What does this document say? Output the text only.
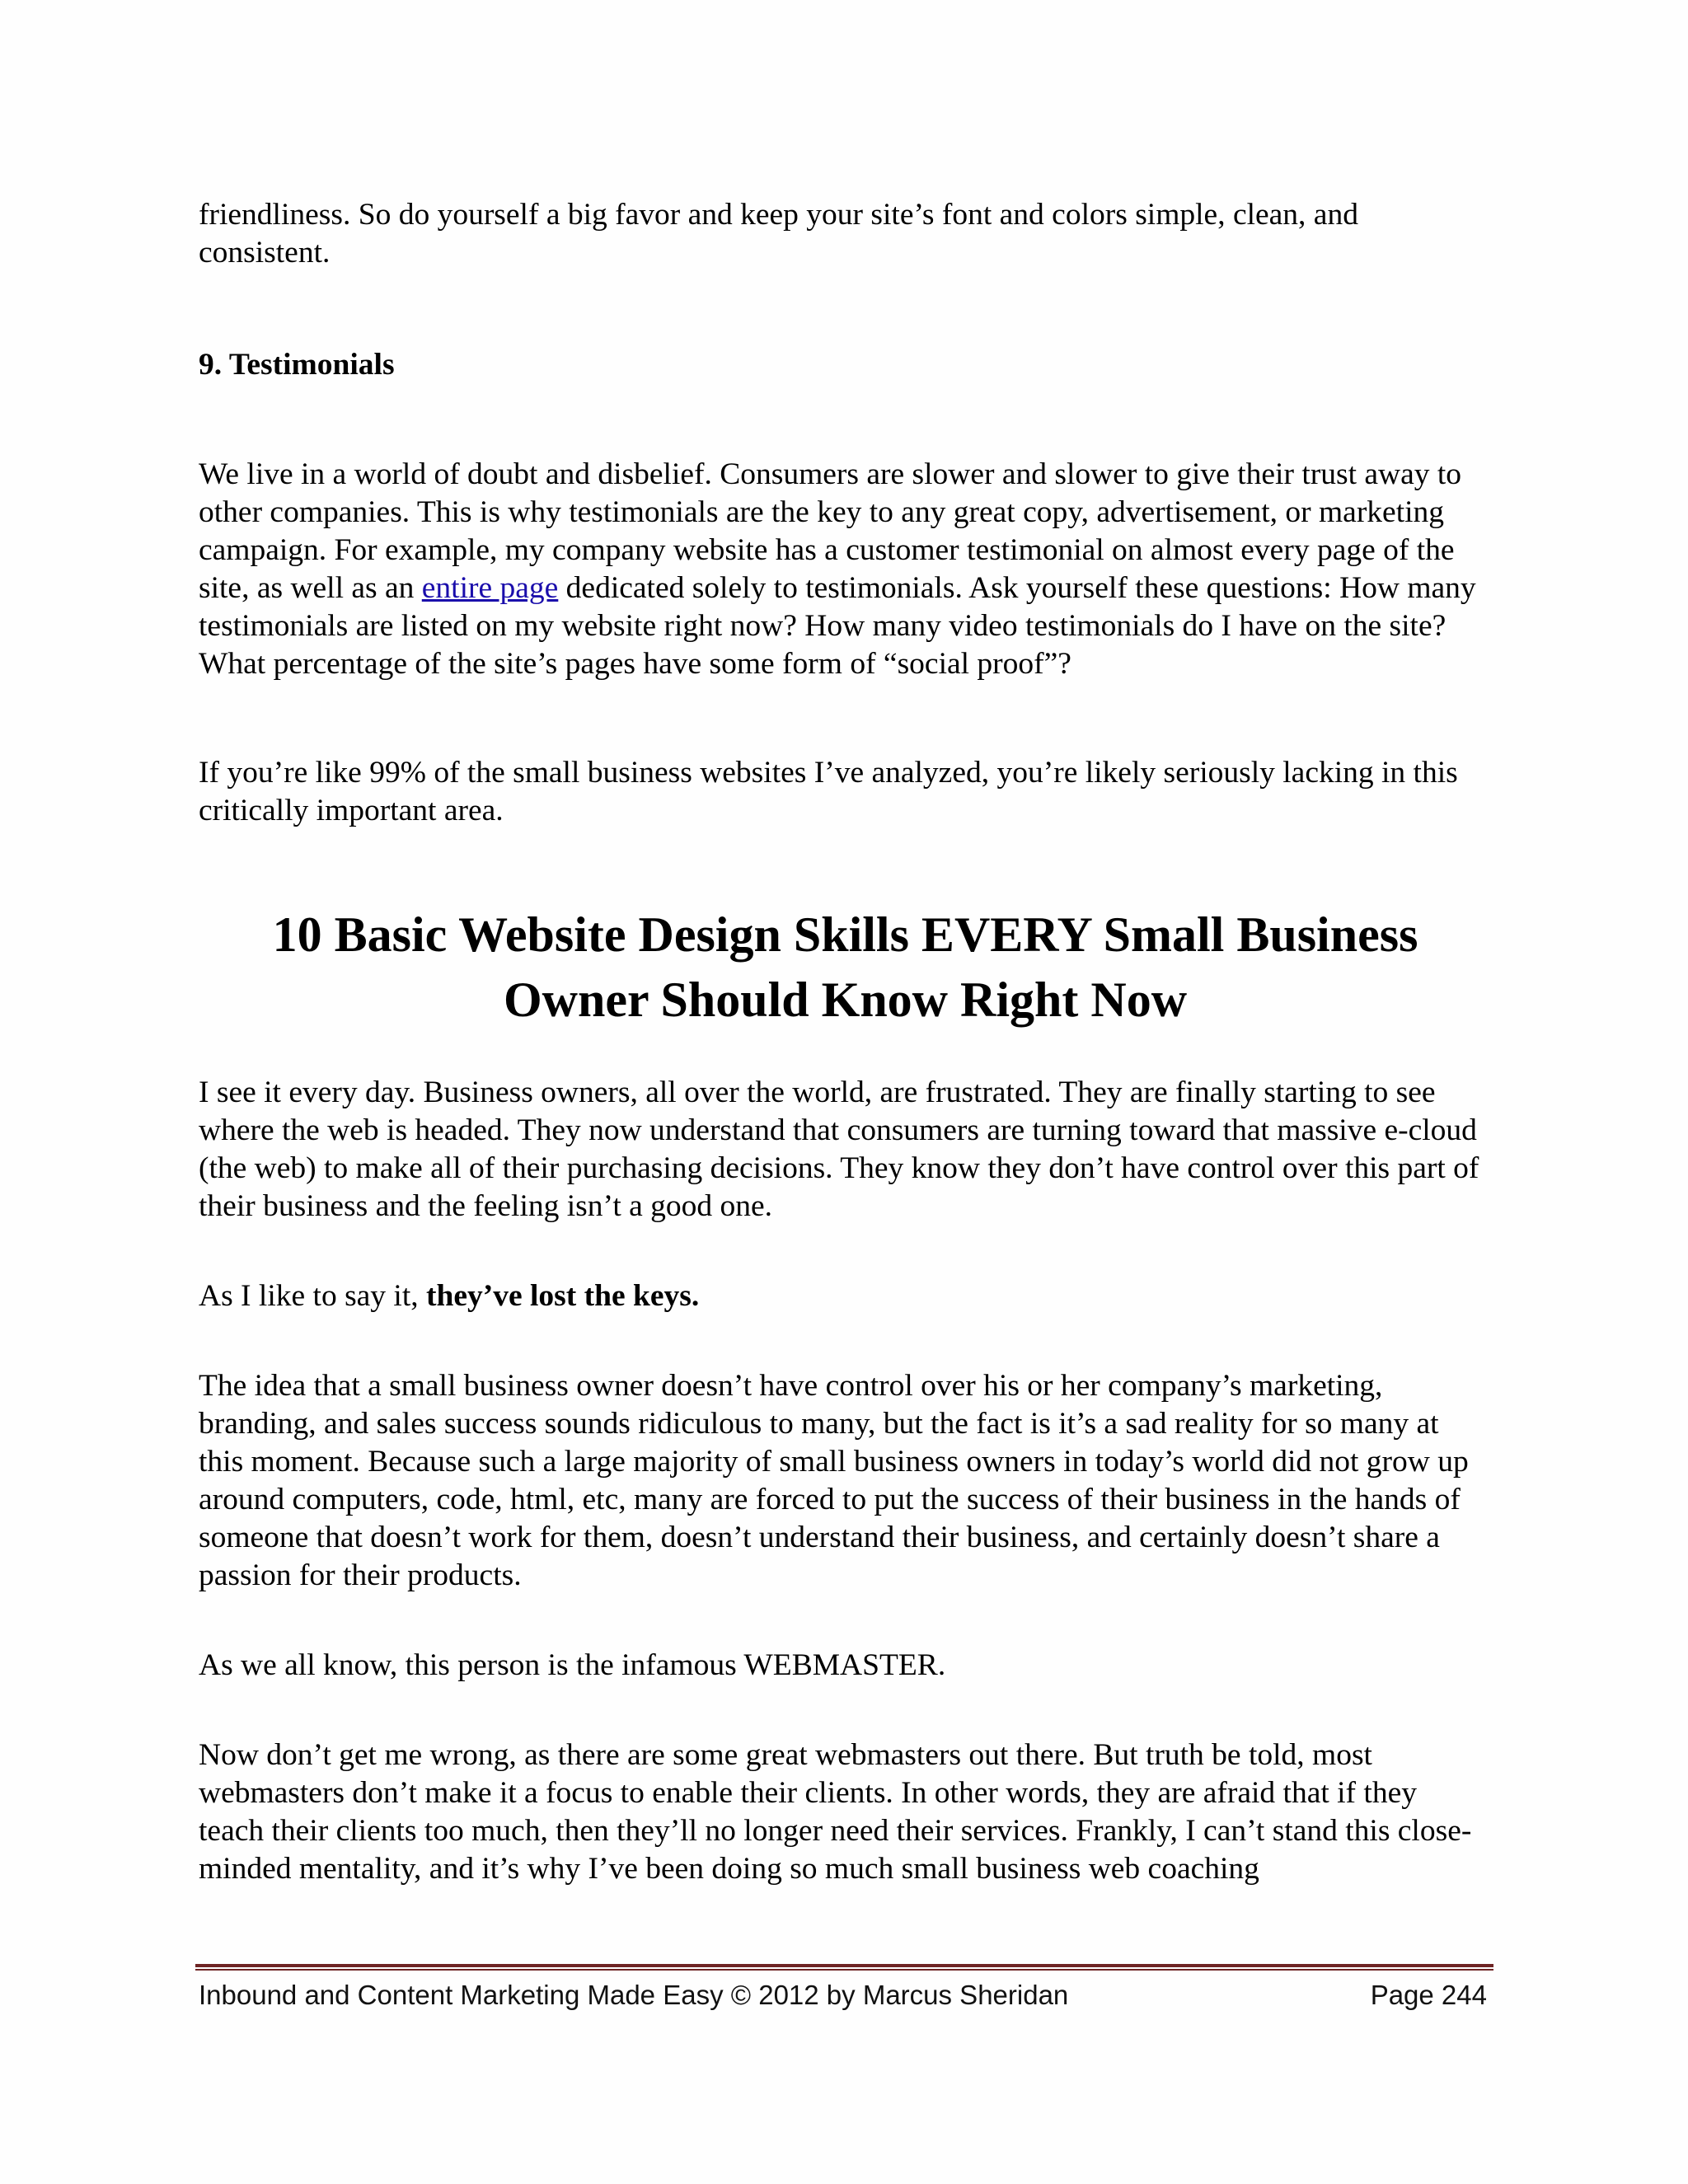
friendliness. So do yourself a big favor and keep your site’s font and colors simple, clean, and consistent.

9. Testimonials

We live in a world of doubt and disbelief. Consumers are slower and slower to give their trust away to other companies. This is why testimonials are the key to any great copy, advertisement, or marketing campaign. For example, my company website has a customer testimonial on almost every page of the site, as well as an entire page dedicated solely to testimonials. Ask yourself these questions: How many testimonials are listed on my website right now? How many video testimonials do I have on the site? What percentage of the site’s pages have some form of “social proof”?

If you’re like 99% of the small business websites I’ve analyzed, you’re likely seriously lacking in this critically important area.

10 Basic Website Design Skills EVERY Small Business Owner Should Know Right Now

I see it every day. Business owners, all over the world, are frustrated. They are finally starting to see where the web is headed. They now understand that consumers are turning toward that massive e-cloud (the web) to make all of their purchasing decisions. They know they don’t have control over this part of their business and the feeling isn’t a good one.

As I like to say it, they’ve lost the keys.

The idea that a small business owner doesn’t have control over his or her company’s marketing, branding, and sales success sounds ridiculous to many, but the fact is it’s a sad reality for so many at this moment. Because such a large majority of small business owners in today’s world did not grow up around computers, code, html, etc, many are forced to put the success of their business in the hands of someone that doesn’t work for them, doesn’t understand their business, and certainly doesn’t share a passion for their products.

As we all know, this person is the infamous WEBMASTER.

Now don’t get me wrong, as there are some great webmasters out there. But truth be told, most webmasters don’t make it a focus to enable their clients. In other words, they are afraid that if they teach their clients too much, then they’ll no longer need their services. Frankly, I can’t stand this close-minded mentality, and it’s why I’ve been doing so much small business web coaching

Inbound and Content Marketing Made Easy © 2012 by Marcus Sheridan	Page 244
